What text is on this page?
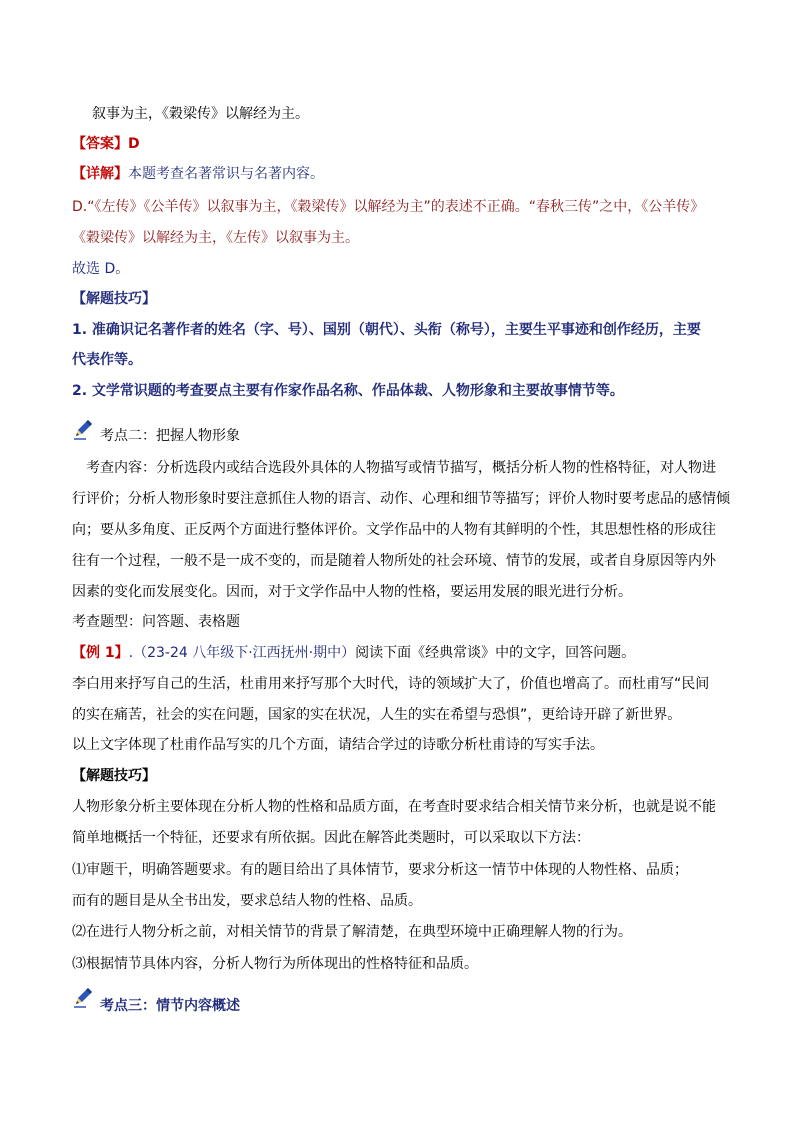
叙事为主，《穀梁传》以解经为主。
【答案】D
【详解】本题考查名著常识与名著内容。
D.“《左传》《公羊传》以叙事为主，《穀梁传》以解经为主”的表述不正确。“春秋三传”之中，《公羊传》
《穀梁传》以解经为主，《左传》以叙事为主。
故选 D。
【解题技巧】
1. 准确识记名著作者的姓名（字、号）、国别（朝代）、头衔（称号），主要生平事迹和创作经历，主要
代表作等。
2. 文学常识题的考查要点主要有作家作品名称、作品体裁、人物形象和主要故事情节等。
考点二：把握人物形象
考查内容：分析选段内或结合选段外具体的人物描写或情节描写，概括分析人物的性格特征，对人物进
行评价；分析人物形象时要注意抓住人物的语言、动作、心理和细节等描写；评价人物时要考虑品的感情倾
向；要从多角度、正反两个方面进行整体评价。文学作品中的人物有其鲜明的个性，其思想性格的形成往
往有一个过程，一般不是一成不变的，而是随着人物所处的社会环境、情节的发展，或者自身原因等内外
因素的变化而发展变化。因而，对于文学作品中人物的性格，要运用发展的眼光进行分析。
考查题型：问答题、表格题
【例 1】.（23-24 八年级下·江西抚州·期中）阅读下面《经典常谈》中的文字，回答问题。
李白用来抒写自己的生活，杜甫用来抒写那个大时代，诗的领域扩大了，价值也增高了。而杜甫写“民间
的实在痛苦，社会的实在问题，国家的实在状况，人生的实在希望与恐惧”，更给诗开辟了新世界。
以上文字体现了杜甫作品写实的几个方面，请结合学过的诗歌分析杜甫诗的写实手法。
【解题技巧】
人物形象分析主要体现在分析人物的性格和品质方面，在考查时要求结合相关情节来分析，也就是说不能
简单地概括一个特征，还要求有所依据。因此在解答此类题时，可以采取以下方法：
⑴审题干，明确答题要求。有的题目给出了具体情节，要求分析这一情节中体现的人物性格、品质；
而有的题目是从全书出发，要求总结人物的性格、品质。
⑵在进行人物分析之前，对相关情节的背景了解清楚，在典型环境中正确理解人物的行为。
⑶根据情节具体内容，分析人物行为所体现出的性格特征和品质。
考点三：情节内容概述
